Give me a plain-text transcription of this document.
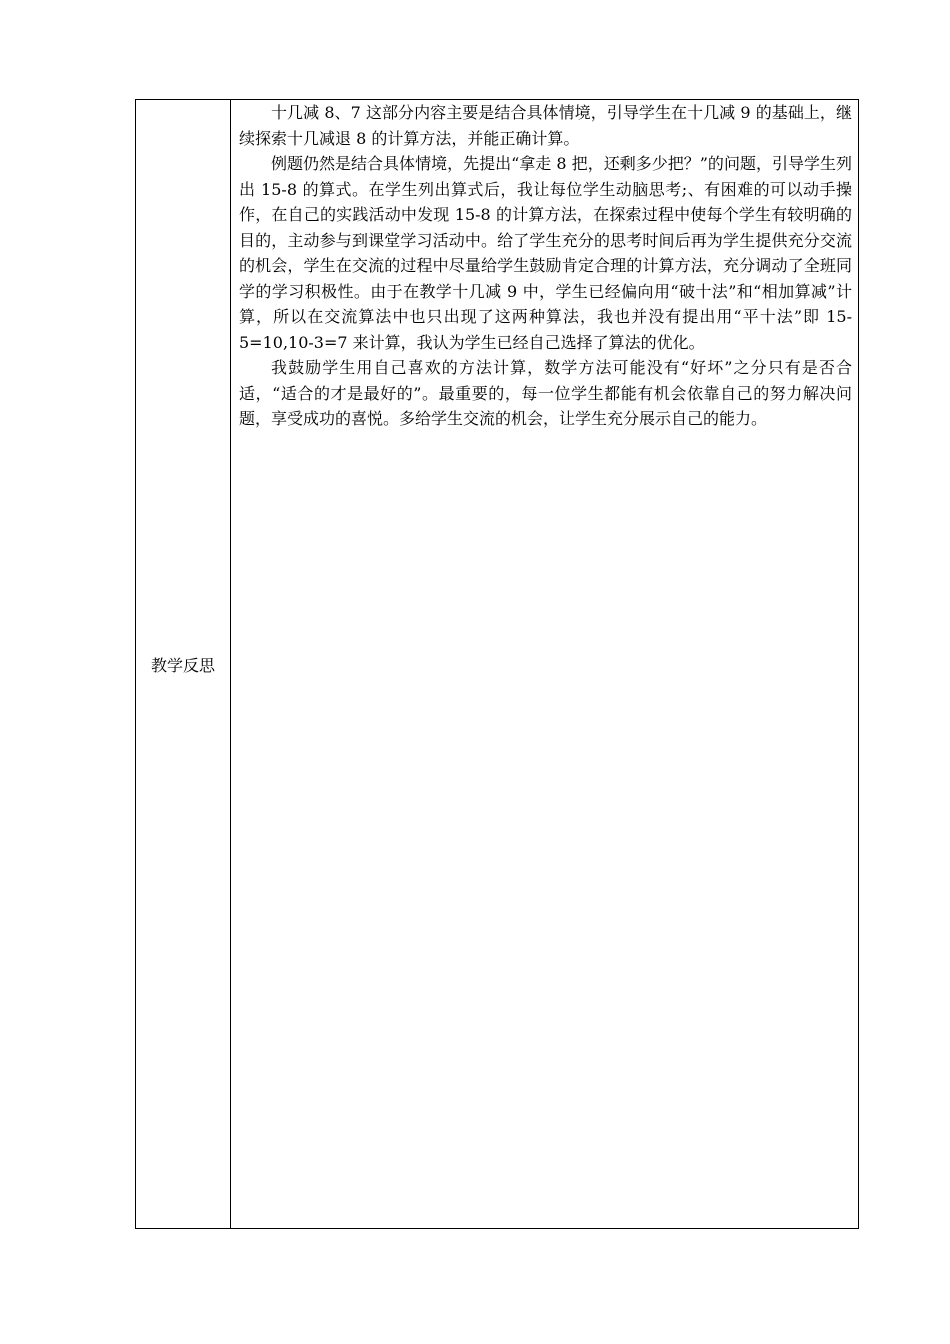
教学反思

十几减 8、7 这部分内容主要是结合具体情境，引导学生在十几减 9 的基础上，继续探索十几减退 8 的计算方法，并能正确计算。

例题仍然是结合具体情境，先提出“拿走 8 把，还剩多少把？”的问题，引导学生列出 15-8 的算式。在学生列出算式后，我让每位学生动脑思考;、有困难的可以动手操作，在自己的实践活动中发现 15-8 的计算方法，在探索过程中使每个学生有较明确的目的，主动参与到课堂学习活动中。给了学生充分的思考时间后再为学生提供充分交流的机会，学生在交流的过程中尽量给学生鼓励肯定合理的计算方法，充分调动了全班同学的学习积极性。由于在教学十几减 9 中，学生已经偏向用“破十法”和“相加算减”计算，所以在交流算法中也只出现了这两种算法，我也并没有提出用“平十法”即 15-5=10,10-3=7 来计算，我认为学生已经自己选择了算法的优化。

我鼓励学生用自己喜欢的方法计算，数学方法可能没有“好坏”之分只有是否合适，“适合的才是最好的”。最重要的，每一位学生都能有机会依靠自己的努力解决问题，享受成功的喜悦。多给学生交流的机会，让学生充分展示自己的能力。
